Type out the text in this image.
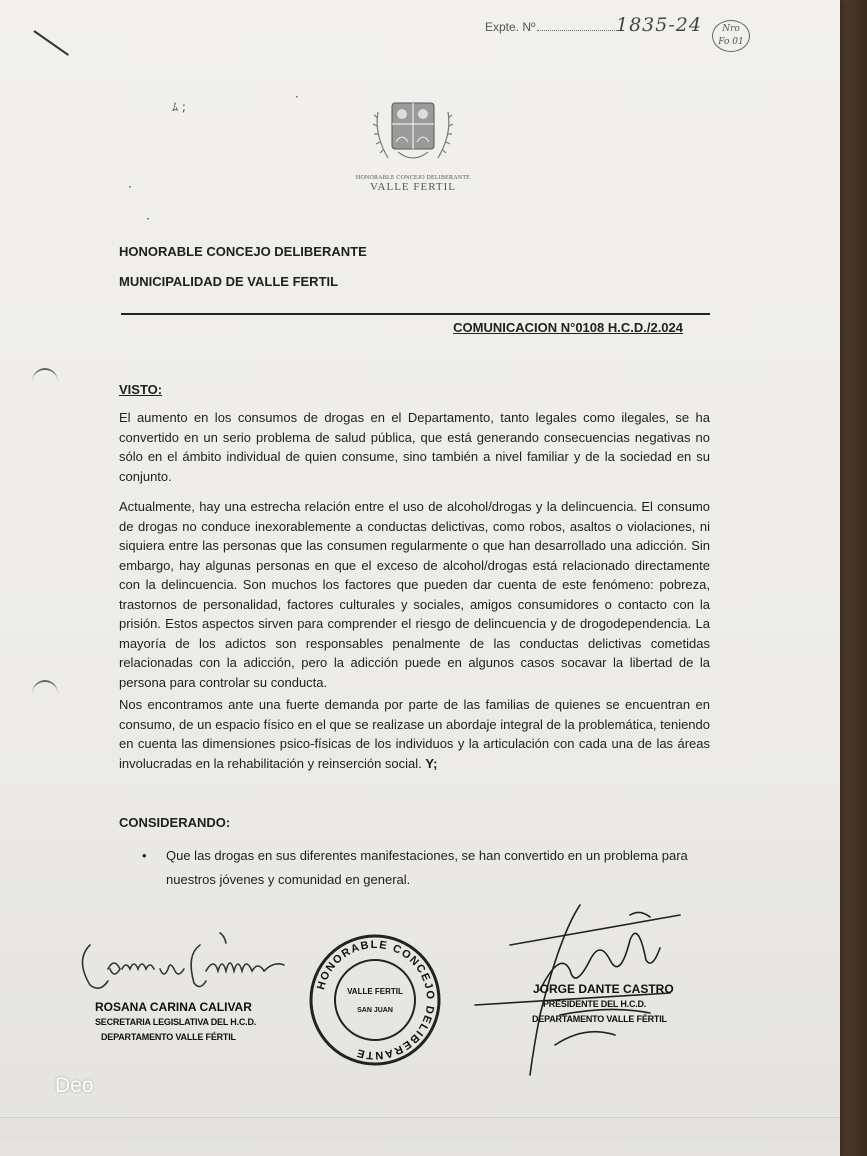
ﾑ ;
·
Expte. Nº	1835-24	Nro
Fo 01
HONORABLE CONCEJO DELIBERANTE
VALLE FERTIL
·
·
HONORABLE CONCEJO DELIBERANTE
MUNICIPALIDAD DE VALLE FERTIL
COMUNICACION N°0108 H.C.D./2.024
VISTO:

El aumento en los consumos de drogas en el Departamento, tanto legales como ilegales, se ha convertido en un serio problema de salud pública, que está generando consecuencias negativas no sólo en el ámbito individual de quien consume, sino también a nivel familiar y de la sociedad en su conjunto.

Actualmente, hay una estrecha relación entre el uso de alcohol/drogas y la delincuencia. El consumo de drogas no conduce inexorablemente a conductas delictivas, como robos, asaltos o violaciones, ni siquiera entre las personas que las consumen regularmente o que han desarrollado una adicción. Sin embargo, hay algunas personas en que el exceso de alcohol/drogas está relacionado directamente con la delincuencia. Son muchos los factores que pueden dar cuenta de este fenómeno: pobreza, trastornos de personalidad, factores culturales y sociales, amigos consumidores o contacto con la prisión. Estos aspectos sirven para comprender el riesgo de delincuencia y de drogodependencia. La mayoría de los adictos son responsables penalmente de las conductas delictivas cometidas relacionadas con la adicción, pero la adicción puede en algunos casos socavar la libertad de la persona para controlar su conducta.

Nos encontramos ante una fuerte demanda por parte de las familias de quienes se encuentran en consumo, de un espacio físico en el que se realizase un abordaje integral de la problemática, teniendo en cuenta las dimensiones psico-físicas de los individuos y la articulación con cada una de las áreas involucradas en la rehabilitación y reinserción social. Y;

CONSIDERANDO:
•	Que las drogas en sus diferentes manifestaciones, se han convertido en un problema para nuestros jóvenes y comunidad en general.
ROSANA CARINA CALIVAR
SECRETARIA LEGISLATIVA DEL H.C.D.
DEPARTAMENTO VALLE FÉRTIL
HONORABLE CONCEJO DELIBERANTE
VALLE FERTIL
SAN JUAN
JORGE DANTE CASTRO
PRESIDENTE DEL H.C.D.
DEPARTAMENTO VALLE FÉRTIL
Deo
